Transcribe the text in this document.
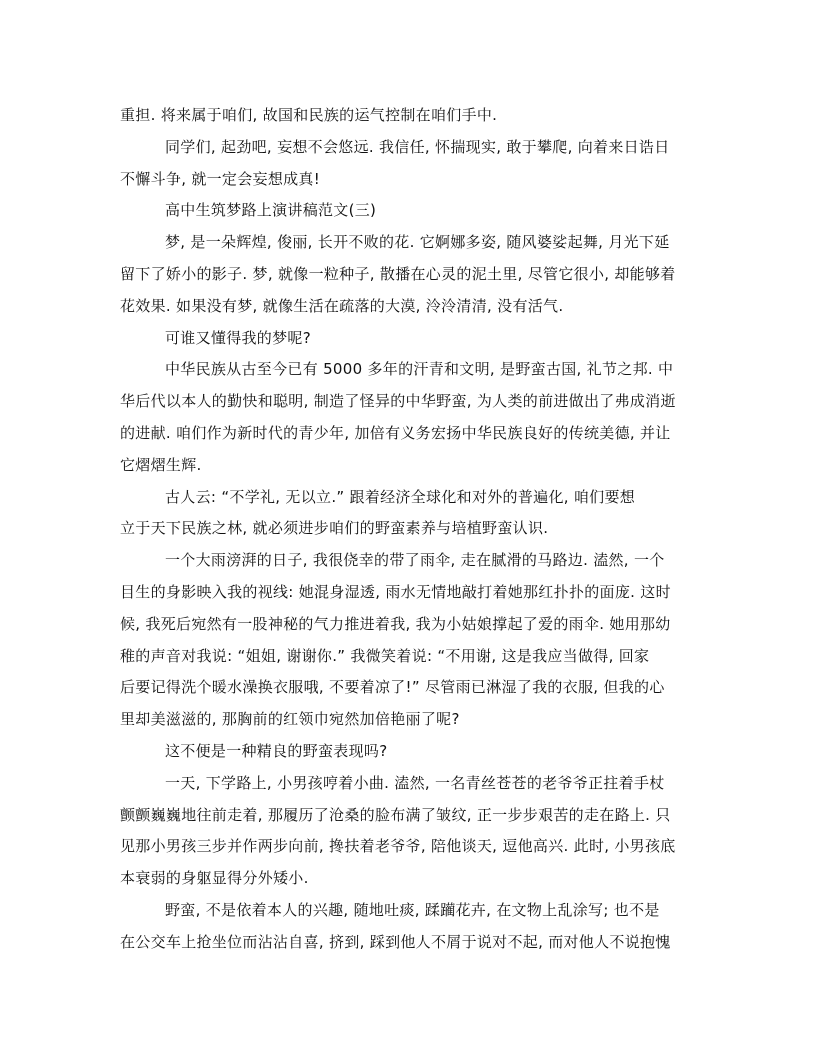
重担. 将来属于咱们, 故国和民族的运气控制在咱们手中.
同学们, 起劲吧, 妄想不会悠远. 我信任, 怀揣现实, 敢于攀爬, 向着来日诰日
不懈斗争, 就一定会妄想成真!
高中生筑梦路上演讲稿范文(三)
梦, 是一朵辉煌, 俊丽, 长开不败的花. 它婀娜多姿, 随风婆娑起舞, 月光下延
留下了娇小的影子. 梦, 就像一粒种子, 散播在心灵的泥土里, 尽管它很小, 却能够着
花效果. 如果没有梦, 就像生活在疏落的大漠, 泠泠清清, 没有活气.
可谁又懂得我的梦呢?
中华民族从古至今已有 5000 多年的汗青和文明, 是野蛮古国, 礼节之邦. 中
华后代以本人的勤快和聪明, 制造了怪异的中华野蛮, 为人类的前进做出了弗成消逝
的进献. 咱们作为新时代的青少年, 加倍有义务宏扬中华民族良好的传统美德, 并让
它熠熠生辉.
古人云: “不学礼, 无以立.” 跟着经济全球化和对外的普遍化, 咱们要想
立于天下民族之林, 就必须进步咱们的野蛮素养与培植野蛮认识.
一个大雨滂湃的日子, 我很侥幸的带了雨伞, 走在腻滑的马路边. 溘然, 一个
目生的身影映入我的视线: 她混身湿透, 雨水无情地敲打着她那红扑扑的面庞. 这时
候, 我死后宛然有一股神秘的气力推进着我, 我为小姑娘撑起了爱的雨伞. 她用那幼
稚的声音对我说: “姐姐, 谢谢你.” 我微笑着说: “不用谢, 这是我应当做得, 回家
后要记得洗个暖水澡换衣服哦, 不要着凉了!” 尽管雨已淋湿了我的衣服, 但我的心
里却美滋滋的, 那胸前的红领巾宛然加倍艳丽了呢?
这不便是一种精良的野蛮表现吗?
一天, 下学路上, 小男孩哼着小曲. 溘然, 一名青丝苍苍的老爷爷正拄着手杖
颤颤巍巍地往前走着, 那履历了沧桑的脸布满了皱纹, 正一步步艰苦的走在路上. 只
见那小男孩三步并作两步向前, 搀扶着老爷爷, 陪他谈天, 逗他高兴. 此时, 小男孩底
本衰弱的身躯显得分外矮小.
野蛮, 不是依着本人的兴趣, 随地吐痰, 蹂躏花卉, 在文物上乱涂写; 也不是
在公交车上抢坐位而沾沾自喜, 挤到, 踩到他人不屑于说对不起, 而对他人不说抱愧
